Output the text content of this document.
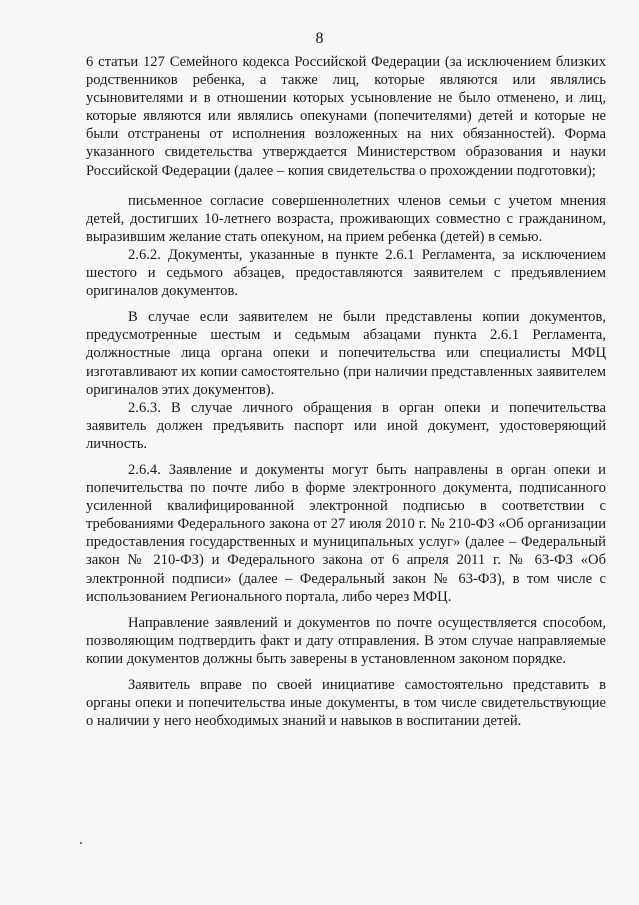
8

6 статьи 127 Семейного кодекса Российской Федерации (за исключением близких родственников ребенка, а также лиц, которые являются или являлись усыновителями и в отношении которых усыновление не было отменено, и лиц, которые являются или являлись опекунами (попечителями) детей и которые не были отстранены от исполнения возложенных на них обязанностей). Форма указанного свидетельства утверждается Министерством образования и науки Российской Федерации (далее – копия свидетельства о прохождении подготовки);

письменное согласие совершеннолетних членов семьи с учетом мнения детей, достигших 10-летнего возраста, проживающих совместно с гражданином, выразившим желание стать опекуном, на прием ребенка (детей) в семью.

2.6.2. Документы, указанные в пункте 2.6.1 Регламента, за исключением шестого и седьмого абзацев, предоставляются заявителем с предъявлением оригиналов документов.

В случае если заявителем не были представлены копии документов, предусмотренные шестым и седьмым абзацами пункта 2.6.1 Регламента, должностные лица органа опеки и попечительства или специалисты МФЦ изготавливают их копии самостоятельно (при наличии представленных заявителем оригиналов этих документов).

2.6.3. В случае личного обращения в орган опеки и попечительства заявитель должен предъявить паспорт или иной документ, удостоверяющий личность.

2.6.4. Заявление и документы могут быть направлены в орган опеки и попечительства по почте либо в форме электронного документа, подписанного усиленной квалифицированной электронной подписью в соответствии с требованиями Федерального закона от 27 июля 2010 г. № 210-ФЗ «Об организации предоставления государственных и муниципальных услуг» (далее – Федеральный закон № 210-ФЗ) и Федерального закона от 6 апреля 2011 г. № 63-ФЗ «Об электронной подписи» (далее – Федеральный закон № 63-ФЗ), в том числе с использованием Регионального портала, либо через МФЦ.

Направление заявлений и документов по почте осуществляется способом, позволяющим подтвердить факт и дату отправления. В этом случае направляемые копии документов должны быть заверены в установленном законом порядке.

Заявитель вправе по своей инициативе самостоятельно представить в органы опеки и попечительства иные документы, в том числе свидетельствующие о наличии у него необходимых знаний и навыков в воспитании детей.
